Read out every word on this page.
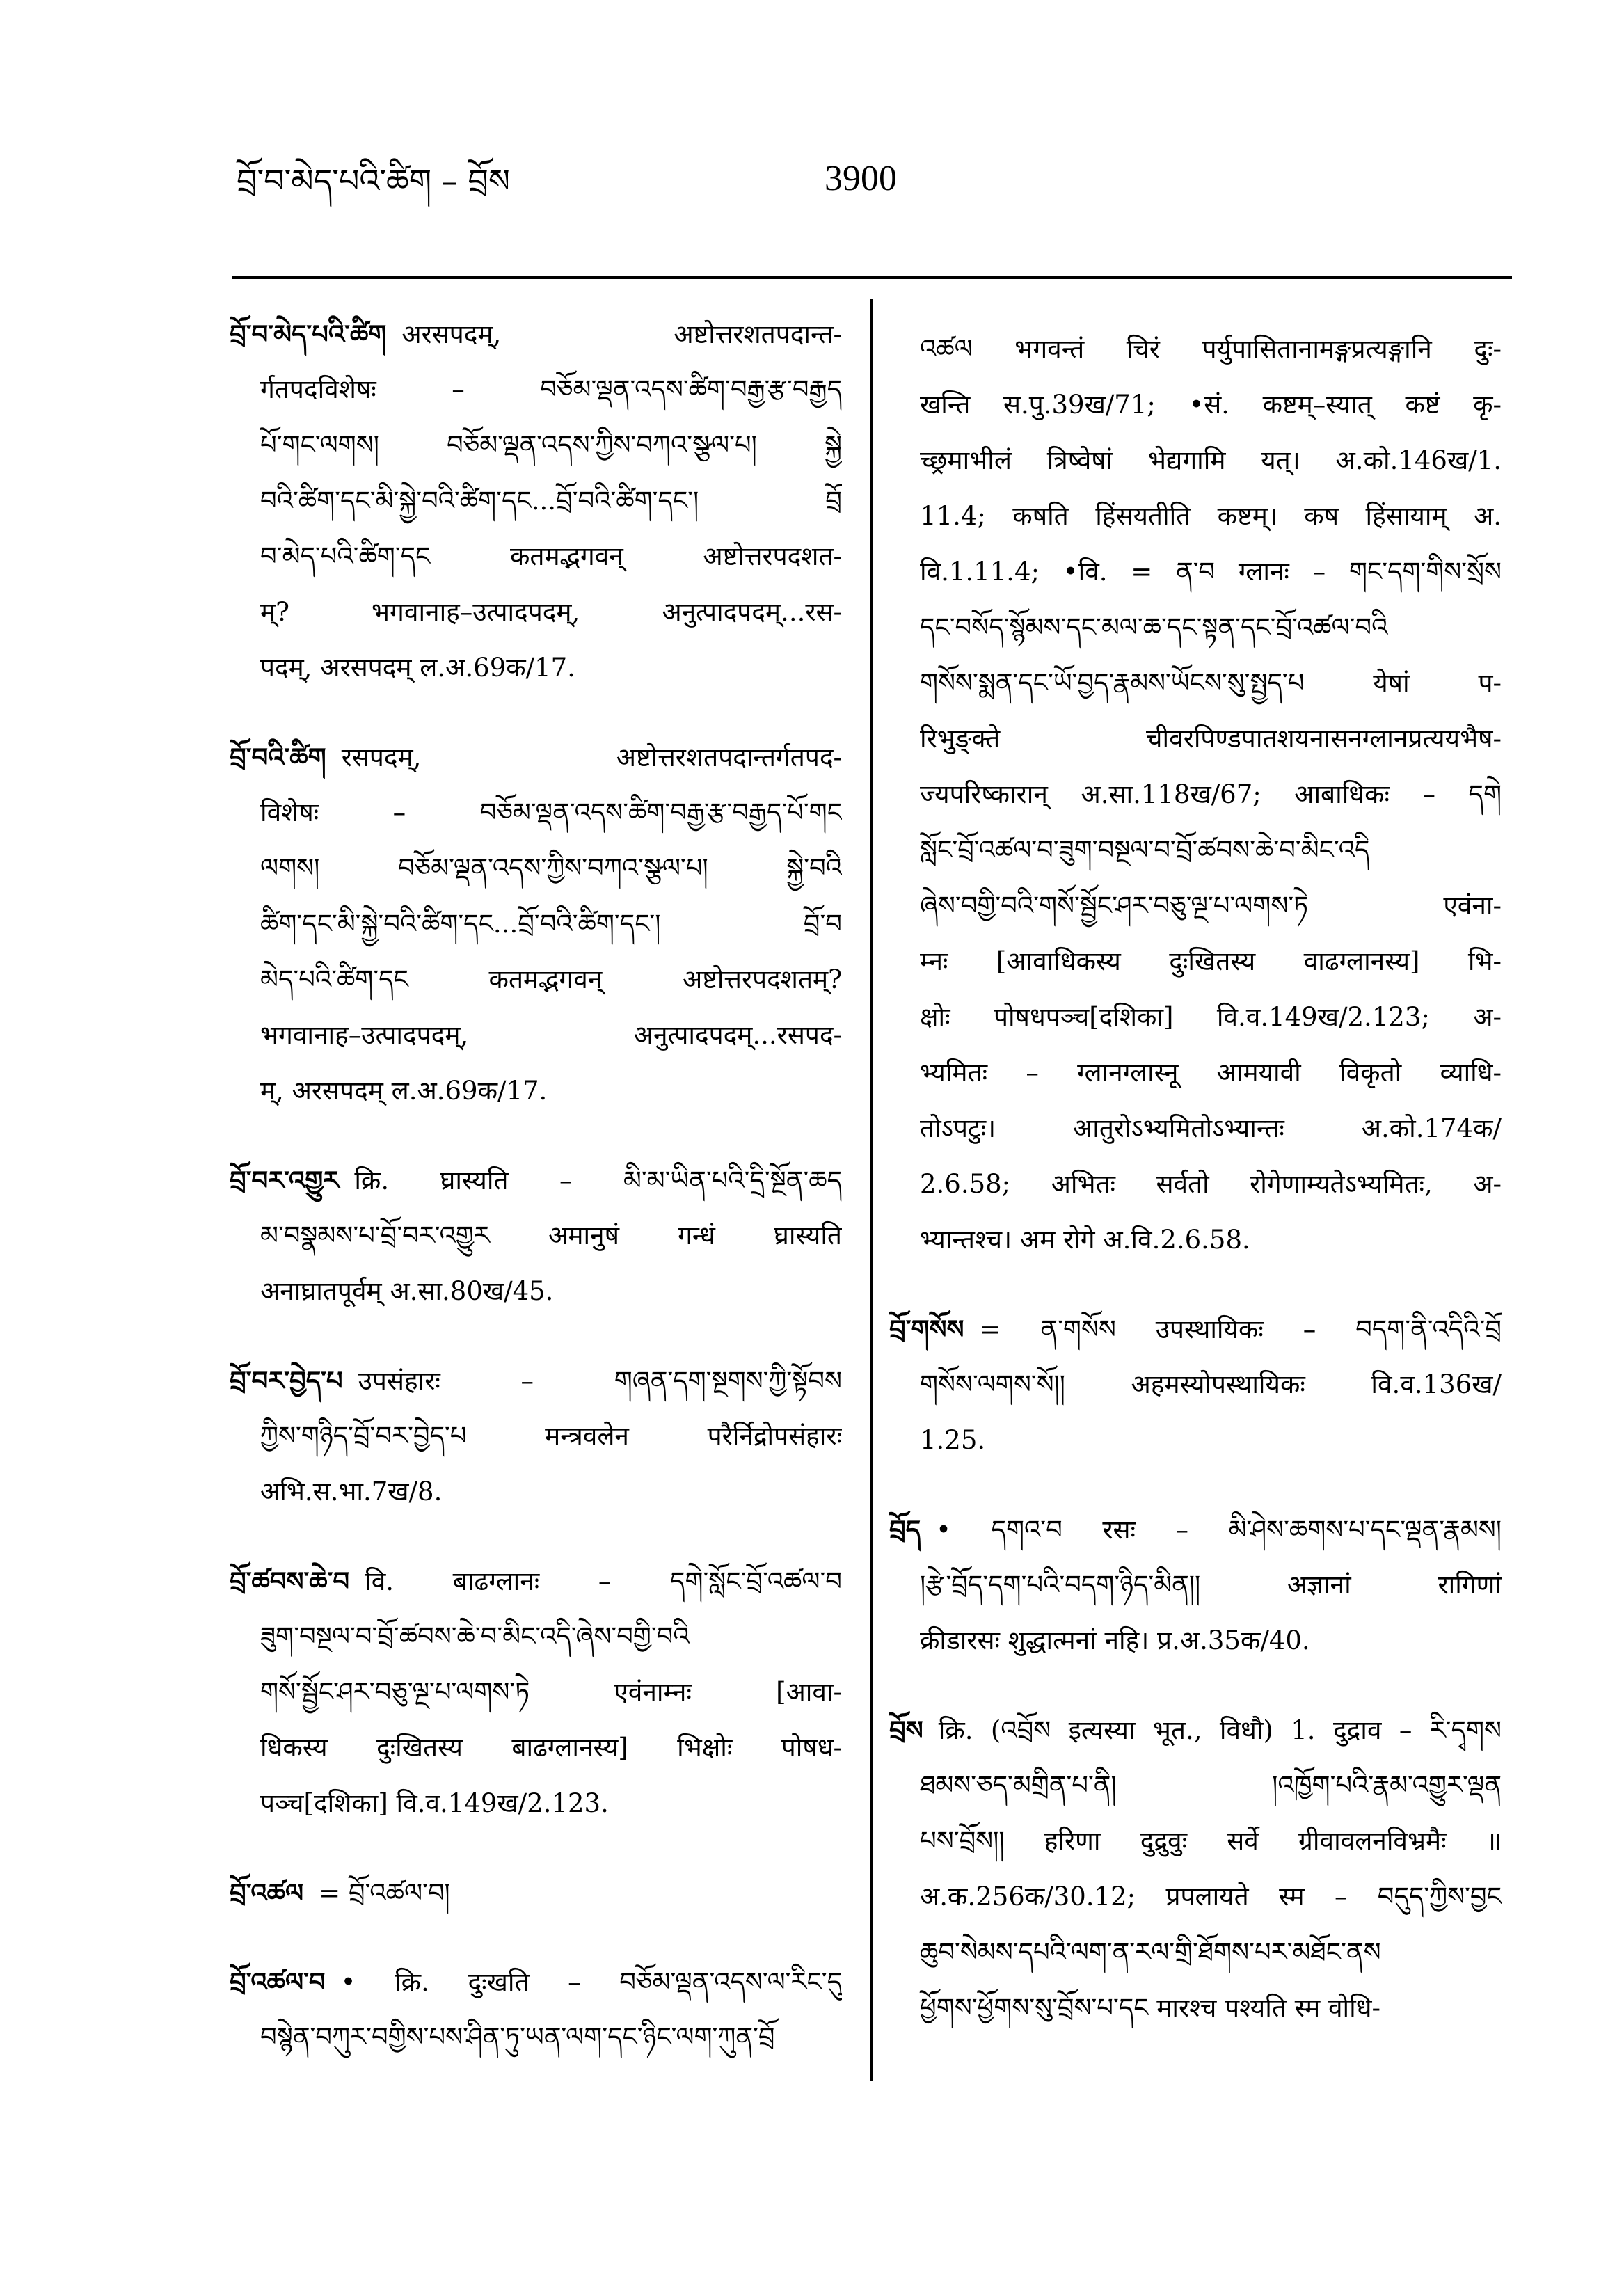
བྲོ་བ་མེད་པའི་ཚིག – བྲོས	3900
བྲོ་བ་མེད་པའི་ཚིག अरसपदम्, अष्टोत्तरशतपदान्त-
र्गतपदविशेषः – བཅོམ་ལྡན་འདས་ཚིག་བརྒྱ་རྩ་བརྒྱད
པོ་གང་ལགས། བཅོམ་ལྡན་འདས་ཀྱིས་བཀའ་སྩལ་པ། སྐྱེ
བའི་ཚིག་དང་མི་སྐྱེ་བའི་ཚིག་དང...བྲོ་བའི་ཚིག་དང་། བྲོ
བ་མེད་པའི་ཚིག་དང कतमद्भगवन् अष्टोत्तरपदशत-
म्? भगवानाह–उत्पादपदम्, अनुत्पादपदम्...रस-
पदम्, अरसपदम् ल.अ.69क/17.
བྲོ་བའི་ཚིག रसपदम्, अष्टोत्तरशतपदान्तर्गतपद-
विशेषः – བཅོམ་ལྡན་འདས་ཚིག་བརྒྱ་རྩ་བརྒྱད་པོ་གང
ལགས། བཅོམ་ལྡན་འདས་ཀྱིས་བཀའ་སྩལ་པ། སྐྱེ་བའི
ཚིག་དང་མི་སྐྱེ་བའི་ཚིག་དང...བྲོ་བའི་ཚིག་དང་། བྲོ་བ
མེད་པའི་ཚིག་དང कतमद्भगवन् अष्टोत्तरपदशतम्?
भगवानाह–उत्पादपदम्, अनुत्पादपदम्...रसपद-
म्, अरसपदम् ल.अ.69क/17.
བྲོ་བར་འགྱུར क्रि. घ्रास्यति – མི་མ་ཡིན་པའི་དྲི་སྔོན་ཆད
མ་བསྣམས་པ་བྲོ་བར་འགྱུར अमानुषं गन्धं घ्रास्यति
अनाघ्रातपूर्वम् अ.सा.80ख/45.
བྲོ་བར་བྱེད་པ उपसंहारः – གཞན་དག་སྔགས་ཀྱི་སྟོབས
ཀྱིས་གཉིད་བྲོ་བར་བྱེད་པ मन्त्रवलेन परैर्निद्रोपसंहारः
अभि.स.भा.7ख/8.
བྲོ་ཚབས་ཆེ་བ वि. बाढग्लानः – དགེ་སློང་བྲོ་འཚལ་བ
ཟུག་བསྔལ་བ་བྲོ་ཚབས་ཆེ་བ་མིང་འདི་ཞེས་བགྱི་བའི
གསོ་སྦྱོང་ཤར་བཅུ་ལྔ་པ་ལགས་ཏེ एवंनाम्नः [आवा-
धिकस्य दुःखितस्य बाढग्लानस्य] भिक्षोः पोषध-
पञ्च[दशिका] वि.व.149ख/2.123.
བྲོ་འཚལ = བྲོ་འཚལ་བ།
བྲོ་འཚལ་བ • क्रि. दुःखति – བཅོམ་ལྡན་འདས་ལ་རིང་དུ
བསྙེན་བཀུར་བགྱིས་པས་ཤིན་ཏུ་ཡན་ལག་དང་ཉིང་ལག་ཀུན་བྲོ
འཚལ भगवन्तं चिरं पर्युपासितानामङ्गप्रत्यङ्गानि दुः-
खन्ति स.पु.39ख/71; •सं. कष्टम्–स्यात् कष्टं कृ-
च्छ्रमाभीलं त्रिष्वेषां भेद्यगामि यत्। अ.को.146ख/1.
11.4; कषति हिंसयतीति कष्टम्। कष हिंसायाम् अ.
वि.1.11.4; •वि. = ན་བ ग्लानः – གང་དག་གིས་སྲོས
དང་བསོད་སྙོམས་དང་མལ་ཆ་དང་སྟན་དང་བྲོ་འཚལ་བའི
གསོས་སྨན་དང་ཡོ་བྱད་རྣམས་ཡོངས་སུ་སྤྱད་པ येषां प-
रिभुङ्क्ते चीवरपिण्डपातशयनासनग्लानप्रत्ययभैष-
ज्यपरिष्कारान् अ.सा.118ख/67; आबाधिकः – དགེ
སློང་བྲོ་འཚལ་བ་ཟུག་བསྔལ་བ་བྲོ་ཚབས་ཆེ་བ་མིང་འདི
ཞེས་བགྱི་བའི་གསོ་སྦྱོང་ཤར་བཅུ་ལྔ་པ་ལགས་ཏེ एवंना-
म्नः [आवाधिकस्य दुःखितस्य वाढग्लानस्य] भि-
क्षोः पोषधपञ्च[दशिका] वि.व.149ख/2.123; अ-
भ्यमितः – ग्लानग्लास्नू आमयावी विकृतो व्याधि-
तोऽपटुः। आतुरोऽभ्यमितोऽभ्यान्तः अ.को.174क/
2.6.58; अभितः सर्वतो रोगेणाम्यतेऽभ्यमितः, अ-
भ्यान्तश्च। अम रोगे अ.वि.2.6.58.
བྲོ་གསོས = ན་གསོས उपस्थायिकः – བདག་ནི་འདིའི་བྲོ
གསོས་ལགས་སོ།། अहमस्योपस्थायिकः वि.व.136ख/
1.25.
བྲོད • དགའ་བ रसः – མི་ཤེས་ཆགས་པ་དང་ལྡན་རྣམས།
།རྩེ་བྲོད་དག་པའི་བདག་ཉིད་མིན།། अज्ञानां रागिणां
क्रीडारसः शुद्धात्मनां नहि। प्र.अ.35क/40.
བྲོས क्रि. (འབྲོས इत्यस्या भूत., विधौ) 1. दुद्राव – རི་དྭགས
ཐམས་ཅད་མགྲིན་པ་ནི། །འཁྱོག་པའི་རྣམ་འགྱུར་ལྡན
པས་བྲོས།། हरिणा दुद्रुवुः सर्वे ग्रीवावलनविभ्रमैः ॥
अ.क.256क/30.12; प्रपलायते स्म – བདུད་ཀྱིས་བྱང
ཆུབ་སེམས་དཔའི་ལག་ན་རལ་གྲི་ཐོགས་པར་མཐོང་ནས
ཕྱོགས་ཕྱོགས་སུ་བྲོས་པ་དང मारश्च पश्यति स्म वोधि-
